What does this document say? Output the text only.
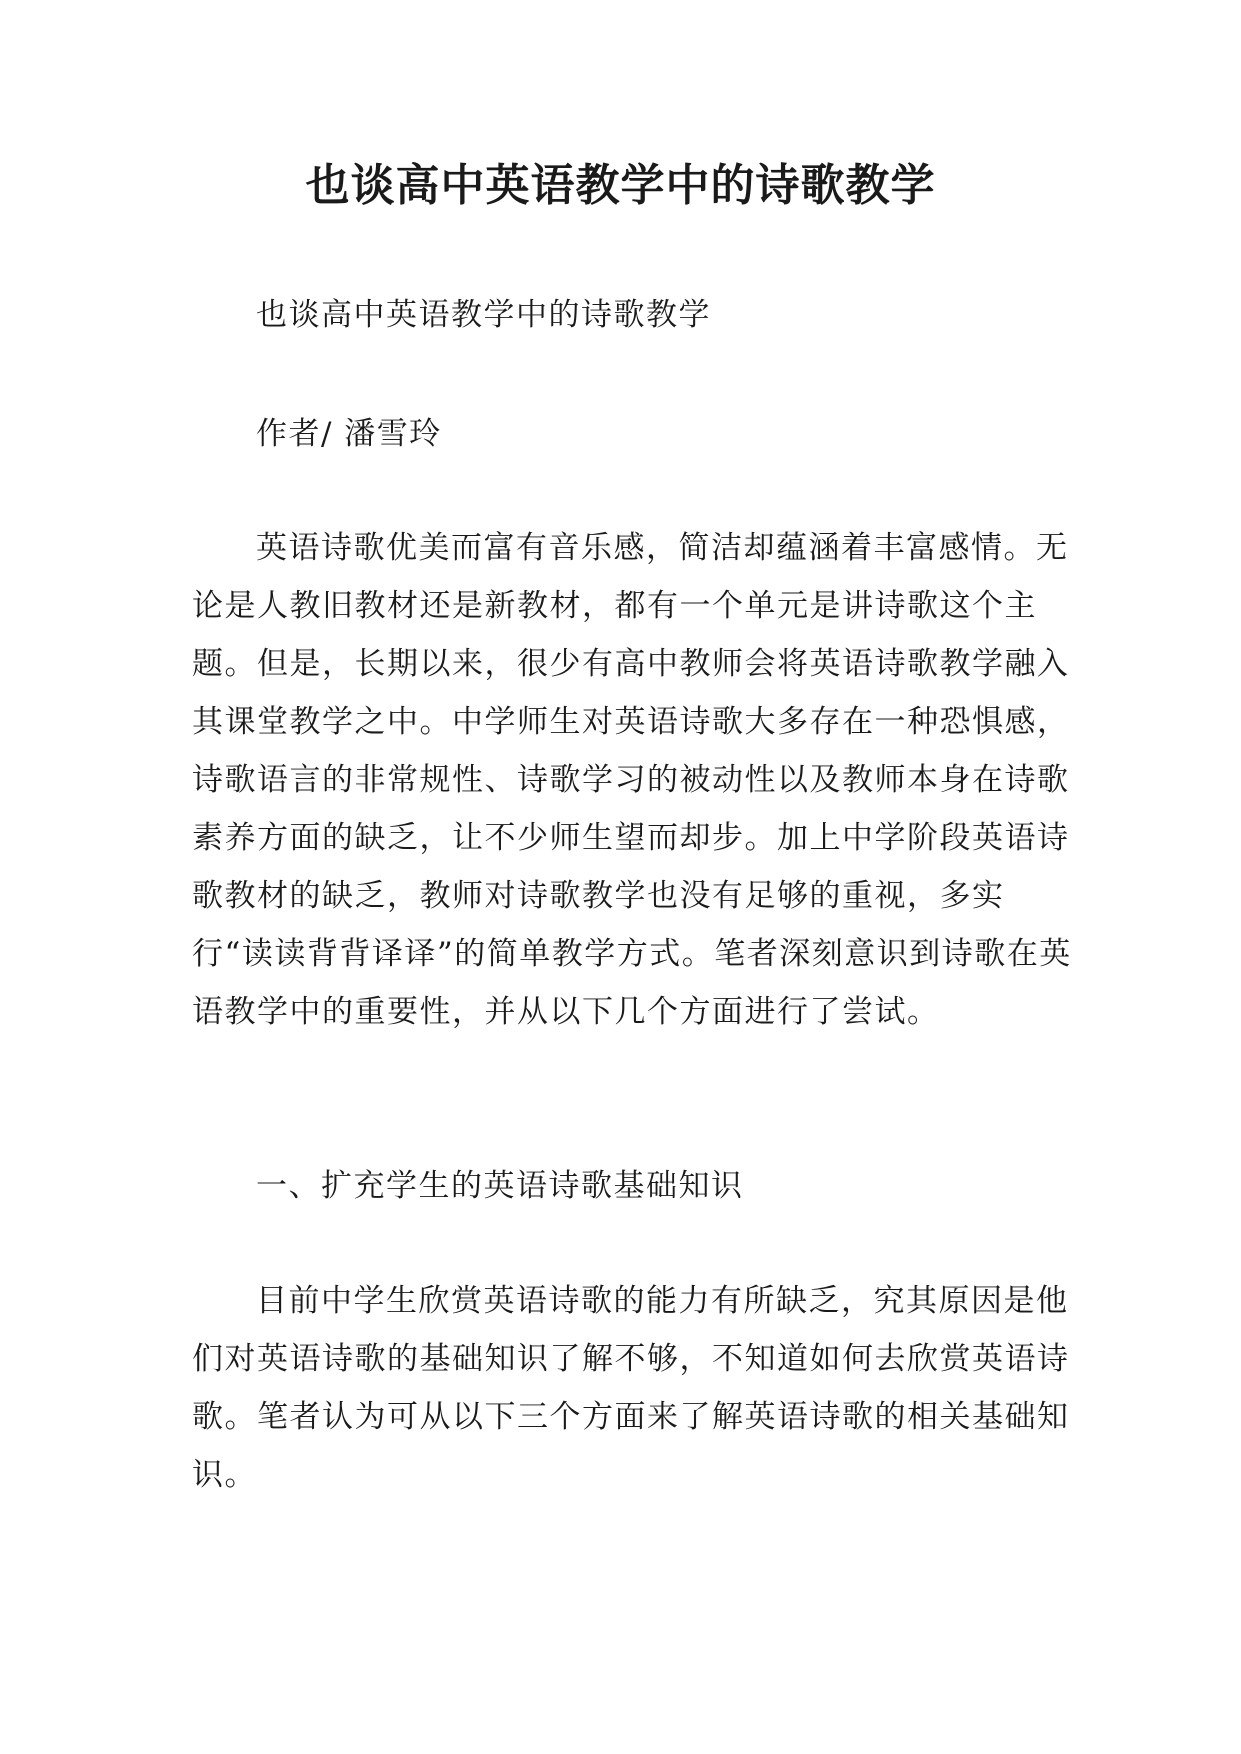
也谈高中英语教学中的诗歌教学

也谈高中英语教学中的诗歌教学

作者/ 潘雪玲

英语诗歌优美而富有音乐感，简洁却蕴涵着丰富感情。无论是人教旧教材还是新教材，都有一个单元是讲诗歌这个主题。但是，长期以来，很少有高中教师会将英语诗歌教学融入其课堂教学之中。中学师生对英语诗歌大多存在一种恐惧感，诗歌语言的非常规性、诗歌学习的被动性以及教师本身在诗歌素养方面的缺乏，让不少师生望而却步。加上中学阶段英语诗歌教材的缺乏，教师对诗歌教学也没有足够的重视，多实行“读读背背译译”的简单教学方式。笔者深刻意识到诗歌在英语教学中的重要性，并从以下几个方面进行了尝试。

一、扩充学生的英语诗歌基础知识

目前中学生欣赏英语诗歌的能力有所缺乏，究其原因是他们对英语诗歌的基础知识了解不够，不知道如何去欣赏英语诗歌。笔者认为可从以下三个方面来了解英语诗歌的相关基础知识。
